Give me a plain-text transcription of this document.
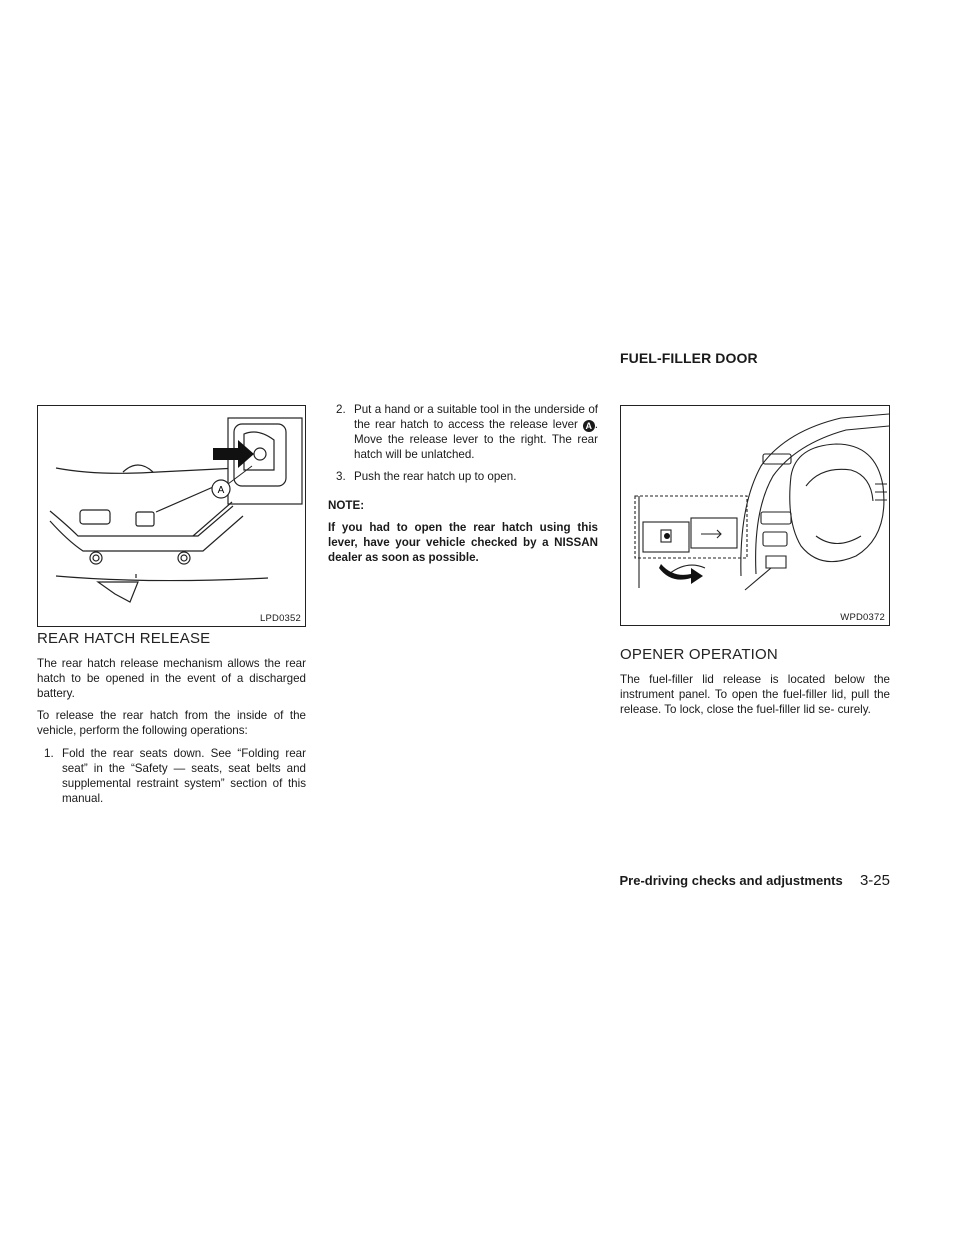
A
LPD0352
REAR HATCH RELEASE
The rear hatch release mechanism allows the rear hatch to be opened in the event of a discharged battery.
To release the rear hatch from the inside of the vehicle, perform the following operations:
1. Fold the rear seats down. See “Folding rear seat” in the “Safety — seats, seat belts and supplemental restraint system” section of this manual.
2. Put a hand or a suitable tool in the underside of the rear hatch to access the release lever A . Move the release lever to the right. The rear hatch will be unlatched.
3. Push the rear hatch up to open.
NOTE:
If you had to open the rear hatch using this lever, have your vehicle checked by a NISSAN dealer as soon as possible.
FUEL-FILLER DOOR
WPD0372
OPENER OPERATION
The fuel-filler lid release is located below the instrument panel. To open the fuel-filler lid, pull the release. To lock, close the fuel-filler lid se- curely.
Pre-driving checks and adjustments 3-25
